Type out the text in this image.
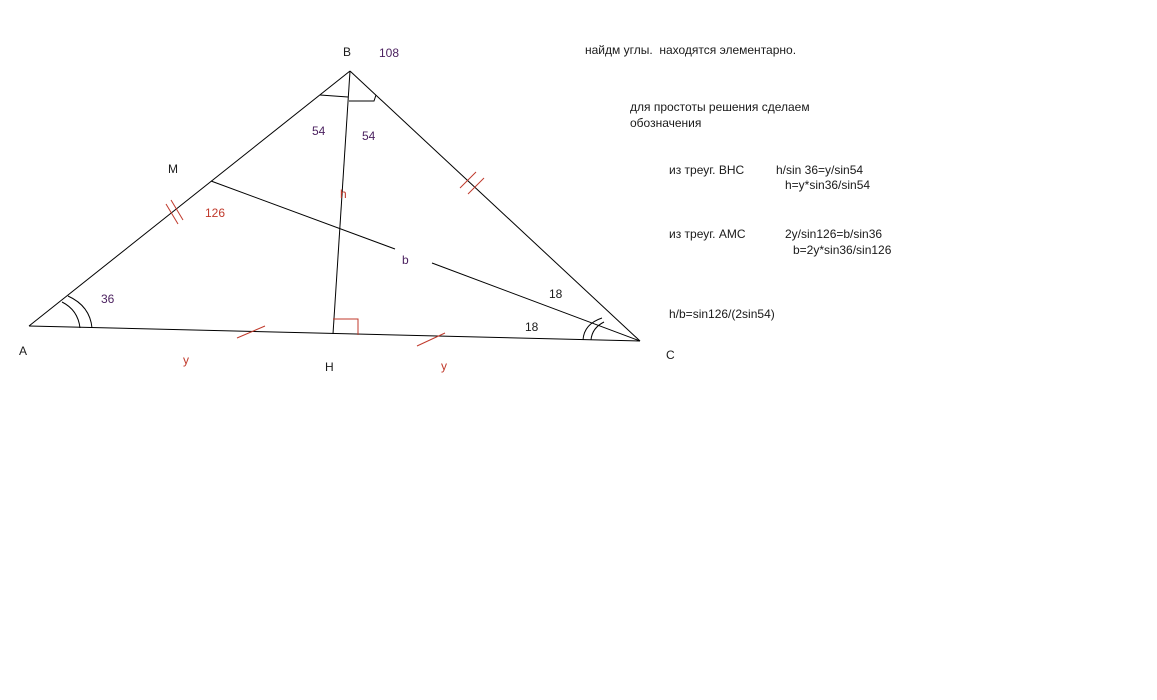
A
B
C
H
M
108
54	54
36
126
18
18
h
b
y	y
найдм углы.  находятся элементарно.
для простоты решения сделаем
обозначения
из треуг. ВНС	h/sin 36=y/sin54
h=y*sin36/sin54
из треуг. АМС	2y/sin126=b/sin36
b=2y*sin36/sin126
h/b=sin126/(2sin54)
